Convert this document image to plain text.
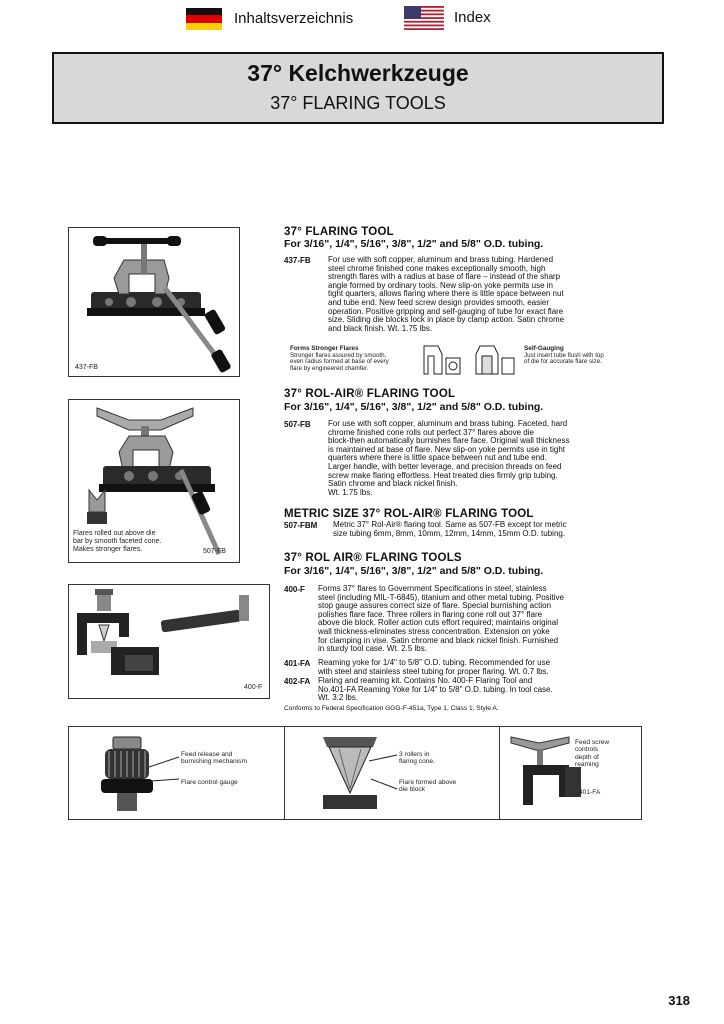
Inhaltsverzeichnis	Index
37° Kelchwerkzeuge
37° FLARING TOOLS
437-FB
Flares rolled out above die
bar by smooth faceted cone.
Makes stronger flares.	507-FB
400-F
37° FLARING TOOL
For 3/16", 1/4", 5/16", 3/8", 1/2" and 5/8" O.D. tubing.
437-FB For use with soft copper, aluminum and brass tubing. Hardened
steel chrome finished cone makes exceptionally smooth, high
strength flares with a radius at base of flare – instead of the sharp
angle formed by ordinary tools. New slip-on yoke permits use in
tight quarters, allows flaring where there is little space between nut
and tube end. New feed screw design provides smooth, easier
operation. Positive gripping and self-gauging of tube for exact flare
size. Sliding die blocks lock in place by clamp action. Satin chrome
and black finish. Wt. 1.75 lbs.
Forms Stronger Flares
Stronger flares assured by smooth,
even radius formed at base of every
flare by engineered chamfer.
Self-Gauging
Just insert tube flush with top
of die for accurate flare size.
37° ROL-AIR® FLARING TOOL
For 3/16", 1/4", 5/16", 3/8", 1/2" and 5/8" O.D. tubing.
507-FB For use with soft copper, aluminum and brass tubing. Faceted, hard
chrome finished cone rolls out perfect 37° flares above die
block-then automatically burnishes flare face. Original wall thickness
is maintained at base of flare. New slip-on yoke permits use in tight
quarters where there is little space between nut and tube end.
Larger handle, with better leverage, and precision threads on feed
screw make flaring effortless. Heat treated dies firmly grip tubing.
Satin chrome and black nickel finish.
Wt. 1.75 lbs.
METRIC SIZE 37° ROL-AIR® FLARING TOOL
507-FBM Metric 37° Rol-Air® flaring tool. Same as 507-FB except tor metric
size tubing 6mm, 8mm, 10mm, 12mm, 14mm, 15mm O.D. tubing.
37° ROL AIR® FLARING TOOLS
For 3/16", 1/4", 5/16", 3/8", 1/2" and 5/8" O.D. tubing.
400-F Forms 37° flares to Government Specifications in steel, stainless
steel (including MIL-T-6845), titanium and other metal tubing. Positive
stop gauge assures correct size of flare. Special burnishing action
polishes flare face. Three rollers in flaring cone roll out 37° flare
above die block. Roller action cuts effort required; maintains original
wall thickness-eliminates stress concentration. Extension on yoke
for clamping in vise. Satin chrome and black nickel finish. Furnished
in sturdy tool case. Wt. 2.5 lbs.
401-FA Reaming yoke for 1/4" to 5/8" O.D. tubing. Recommended for use
with steel and stainless steel tubing for proper flaring. Wt. 0.7 lbs.
402-FA Flaring and reaming kit. Contains No. 400-F Flaring Tool and
No.401-FA Reaming Yoke for 1/4" to 5/8" O.D. tubing. In tool case.
Wt. 3.2 lbs.
Conforms to Federal Specification GGG-F-451a, Type 1, Class 1, Style A.
Feed release and
burnishing mechanism
Flare control gauge
3 rollers in
flaring cone.
Flare formed above
die block
Feed screw
controls
depth of
reaming
401-FA
318
